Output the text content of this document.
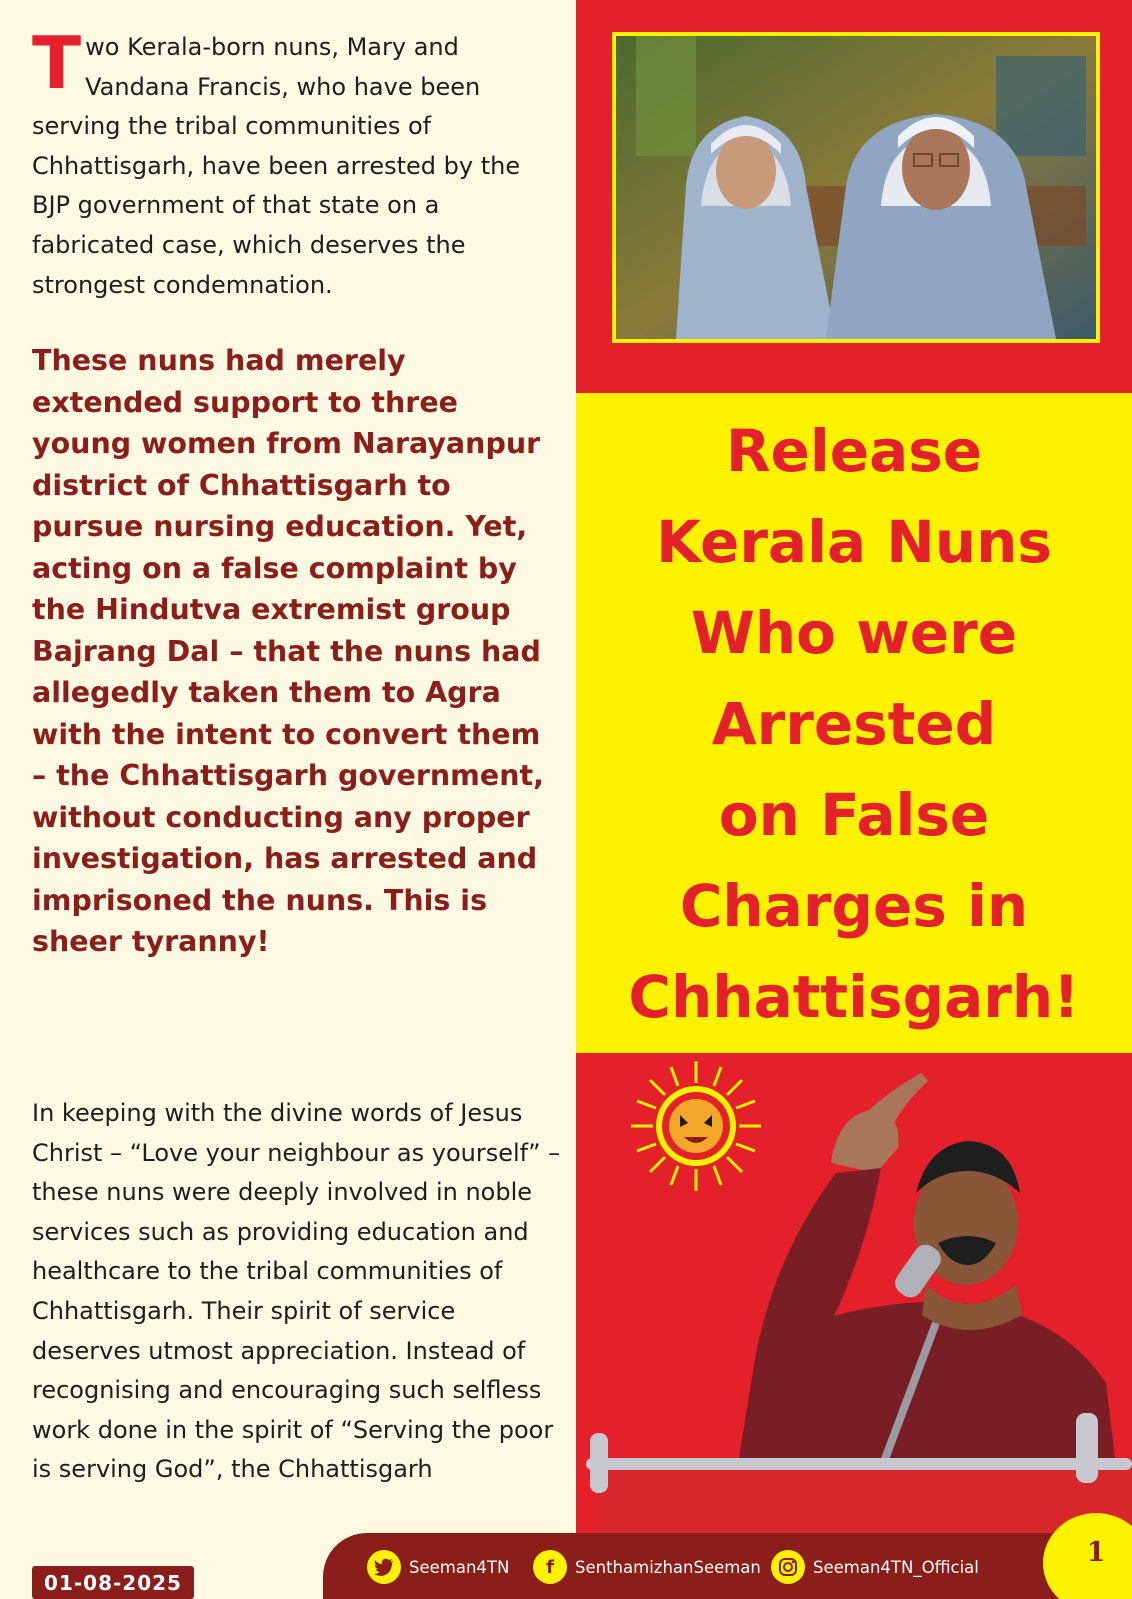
Two Kerala-born nuns, Mary and Vandana Francis, who have been serving the tribal communities of Chhattisgarh, have been arrested by the BJP government of that state on a fabricated case, which deserves the strongest condemnation.

These nuns had merely extended support to three young women from Narayanpur district of Chhattisgarh to pursue nursing education. Yet, acting on a false complaint by the Hindutva extremist group Bajrang Dal – that the nuns had allegedly taken them to Agra with the intent to convert them – the Chhattisgarh government, without conducting any proper investigation, has arrested and imprisoned the nuns. This is sheer tyranny!

In keeping with the divine words of Jesus Christ – “Love your neighbour as yourself” – these nuns were deeply involved in noble services such as providing education and healthcare to the tribal communities of Chhattisgarh. Their spirit of service deserves utmost appreciation. Instead of recognising and encouraging such selfless work done in the spirit of “Serving the poor is serving God”, the Chhattisgarh

Release
Kerala Nuns
Who were
Arrested
on False
Charges in
Chhattisgarh!
Seeman4TN	f	SenthamizhanSeeman	Seeman4TN_Official	1
01-08-2025
